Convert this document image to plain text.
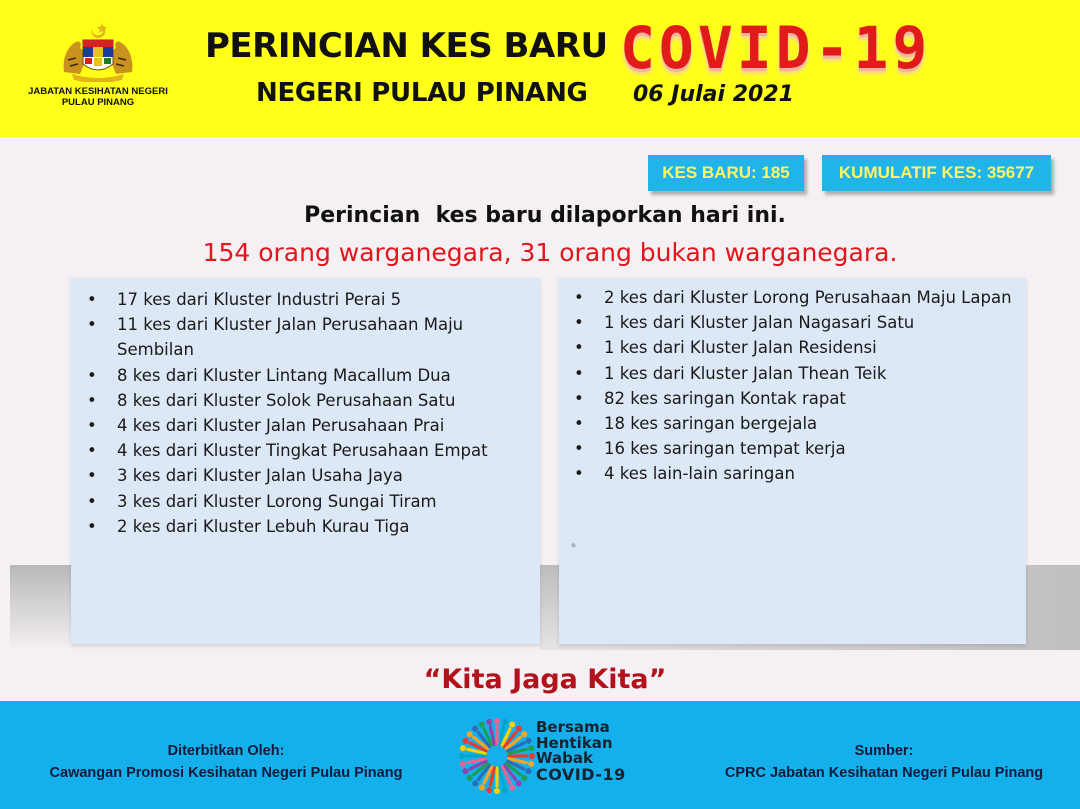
JABATAN KESIHATAN NEGERI
PULAU PINANG
PERINCIAN KES BARU
NEGERI PULAU PINANG
COVID-19
06 Julai 2021
KES BARU: 185	KUMULATIF KES: 35677
Perincian  kes baru dilaporkan hari ini.
154 orang warganegara, 31 orang bukan warganegara.
• 17 kes dari Kluster Industri Perai 5
• 11 kes dari Kluster Jalan Perusahaan Maju Sembilan
• 8 kes dari Kluster Lintang Macallum Dua
• 8 kes dari Kluster Solok Perusahaan Satu
• 4 kes dari Kluster Jalan Perusahaan Prai
• 4 kes dari Kluster Tingkat Perusahaan Empat
• 3 kes dari Kluster Jalan Usaha Jaya
• 3 kes dari Kluster Lorong Sungai Tiram
• 2 kes dari Kluster Lebuh Kurau Tiga
• 2 kes dari Kluster Lorong Perusahaan Maju Lapan
• 1 kes dari Kluster Jalan Nagasari Satu
• 1 kes dari Kluster Jalan Residensi
• 1 kes dari Kluster Jalan Thean Teik
• 82 kes saringan Kontak rapat
• 18 kes saringan bergejala
• 16 kes saringan tempat kerja
• 4 kes lain-lain saringan
•
“Kita Jaga Kita”
Diterbitkan Oleh:
Cawangan Promosi Kesihatan Negeri Pulau Pinang
Bersama
Hentikan
Wabak
COVID-19
Sumber:
CPRC Jabatan Kesihatan Negeri Pulau Pinang
